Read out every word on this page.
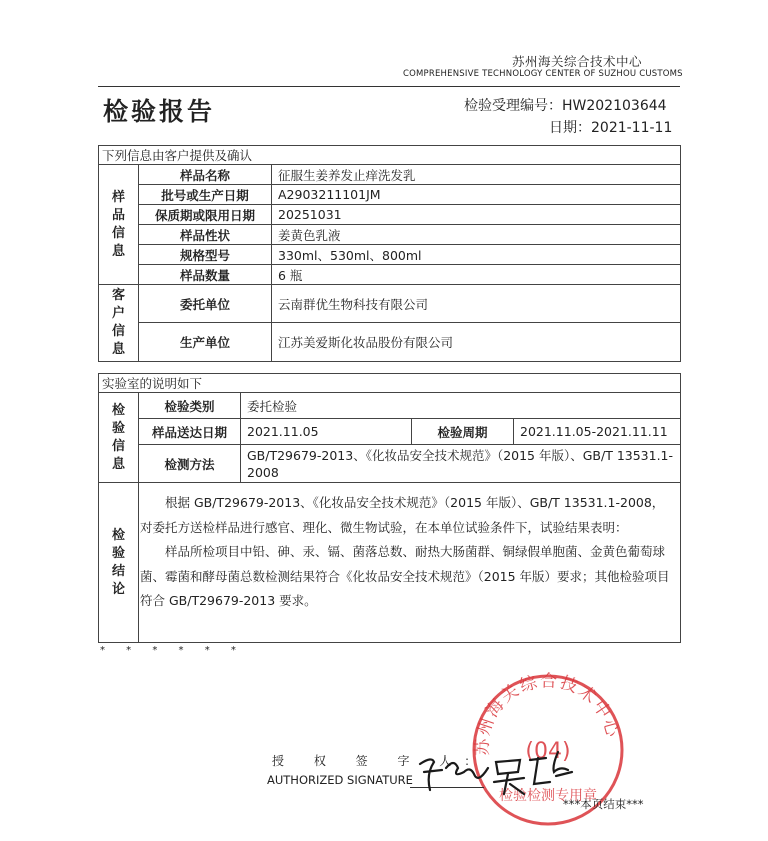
苏州海关综合技术中心
COMPREHENSIVE TECHNOLOGY CENTER OF SUZHOU CUSTOMS
检验报告	检验受理编号：HW202103644
日期：2021-11-11
下列信息由客户提供及确认		

样
品
信
息	样品名称	征服生姜养发止痒洗发乳
	批号或生产日期	A2903211101JM
	保质期或限用日期	20251031
	样品性状	姜黄色乳液
	规格型号	330ml、530ml、800ml
	样品数量	6 瓶

客
户
信
息	委托单位	云南群优生物科技有限公司
	生产单位	江苏美爱斯化妆品股份有限公司
实验室的说明如下				

检
验
信
息	检验类别	委托检验		
	样品送达日期	2021.11.05	检验周期	2021.11.05-2021.11.11
	检测方法	GB/T29679-2013、《化妆品安全技术规范》（2015 年版）、GB/T 13531.1-2008		

检
验
结
论				

根据 GB/T29679-2013、《化妆品安全技术规范》（2015 年版）、GB/T 13531.1-2008，对委托方送检样品进行感官、理化、微生物试验，在本单位试验条件下，试验结果表明：

样品所检项目中铅、砷、汞、镉、菌落总数、耐热大肠菌群、铜绿假单胞菌、金黄色葡萄球菌、霉菌和酵母菌总数检测结果符合《化妆品安全技术规范》（2015 年版）要求；其他检验项目符合 GB/T29679-2013 要求。

* * * * * *
苏州海关综合技术中心
(04)
检验检测专用章
授 权 签 字 人：
AUTHORIZED SIGNATURE
***本页结束***
